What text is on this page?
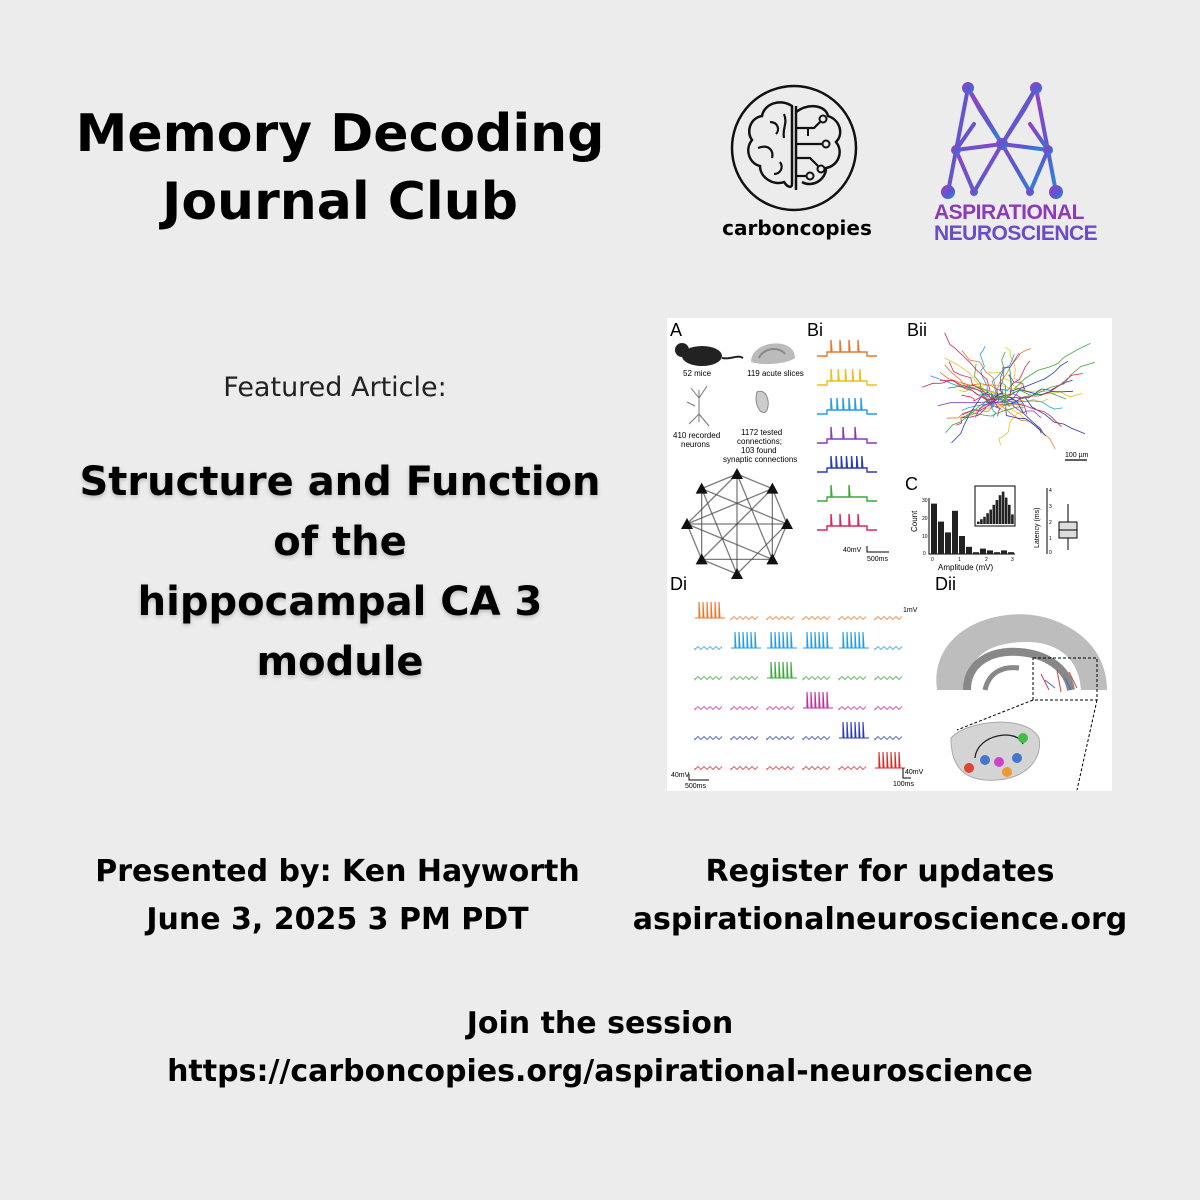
Memory Decoding
Journal Club	carboncopies
ASPIRATIONAL
NEUROSCIENCE
Featured Article:
Structure and Function
of the
hippocampal CA 3
module
A	Bi	Bii
C
Di	Dii
52 mice	119 acute slices
410 recorded
neurons
1172 tested
connections;
103 found
synaptic connections
40mV
500ms
100 µm
Count
Amplitude (mV)
30
20
10
0
0	1	2	3
Latency (ms)
4
3
2
1
0
1mV
40mV
500ms
40mV
100ms
Presented by: Ken Hayworth
June 3, 2025 3 PM PDT
Register for updates
aspirationalneuroscience.org
Join the session
https://carboncopies.org/aspirational-neuroscience
